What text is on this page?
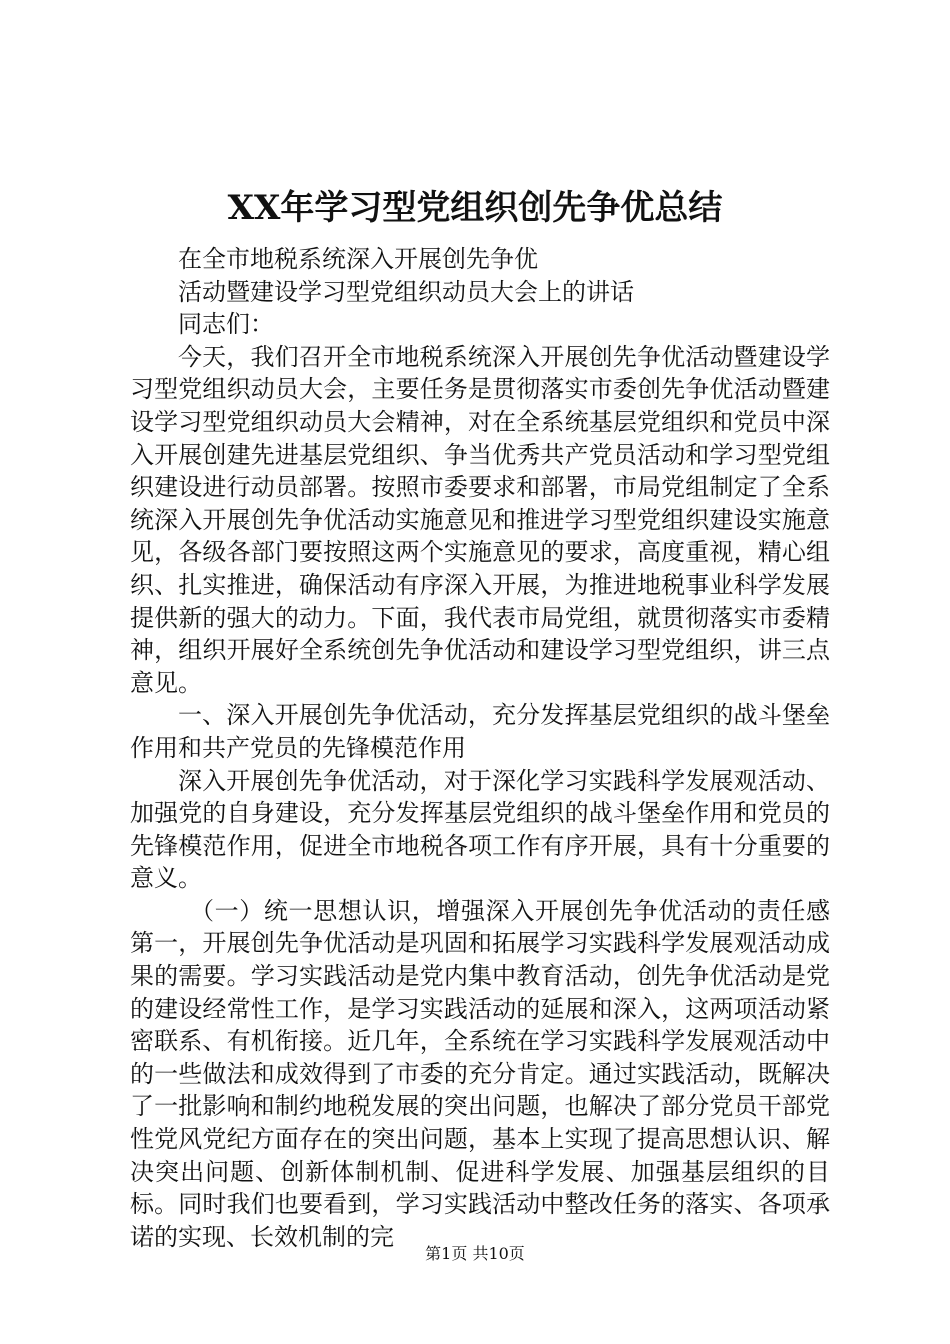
XX年学习型党组织创先争优总结

在全市地税系统深入开展创先争优

活动暨建设学习型党组织动员大会上的讲话

同志们：

今天，我们召开全市地税系统深入开展创先争优活动暨建设学习型党组织动员大会，主要任务是贯彻落实市委创先争优活动暨建设学习型党组织动员大会精神，对在全系统基层党组织和党员中深入开展创建先进基层党组织、争当优秀共产党员活动和学习型党组织建设进行动员部署。按照市委要求和部署，市局党组制定了全系统深入开展创先争优活动实施意见和推进学习型党组织建设实施意见，各级各部门要按照这两个实施意见的要求，高度重视，精心组织、扎实推进，确保活动有序深入开展，为推进地税事业科学发展提供新的强大的动力。下面，我代表市局党组，就贯彻落实市委精神，组织开展好全系统创先争优活动和建设学习型党组织，讲三点意见。

一、深入开展创先争优活动，充分发挥基层党组织的战斗堡垒作用和共产党员的先锋模范作用

深入开展创先争优活动，对于深化学习实践科学发展观活动、加强党的自身建设，充分发挥基层党组织的战斗堡垒作用和党员的先锋模范作用，促进全市地税各项工作有序开展，具有十分重要的意义。

（一）统一思想认识，增强深入开展创先争优活动的责任感第一，开展创先争优活动是巩固和拓展学习实践科学发展观活动成果的需要。学习实践活动是党内集中教育活动，创先争优活动是党的建设经常性工作，是学习实践活动的延展和深入，这两项活动紧密联系、有机衔接。近几年，全系统在学习实践科学发展观活动中的一些做法和成效得到了市委的充分肯定。通过实践活动，既解决了一批影响和制约地税发展的突出问题，也解决了部分党员干部党性党风党纪方面存在的突出问题，基本上实现了提高思想认识、解决突出问题、创新体制机制、促进科学发展、加强基层组织的目标。同时我们也要看到，学习实践活动中整改任务的落实、各项承诺的实现、长效机制的完

第1页 共10页
